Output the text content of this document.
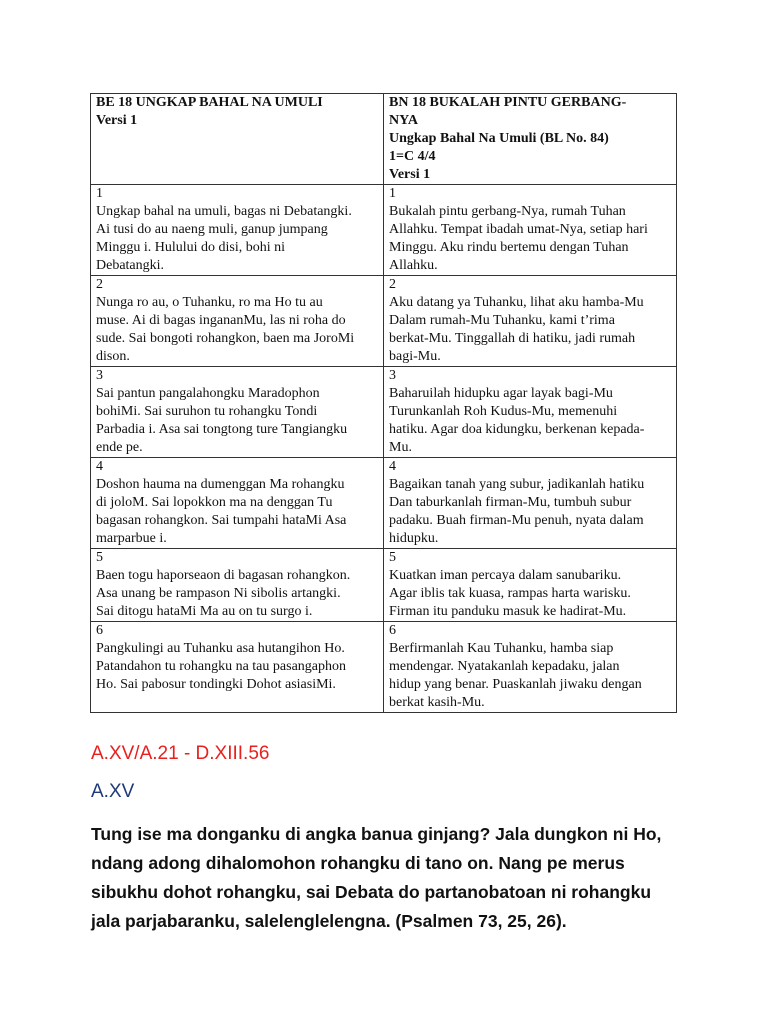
BE 18 UNGKAP BAHAL NA UMULI
Versi 1	BN 18 BUKALAH PINTU GERBANG-
NYA
Ungkap Bahal Na Umuli (BL No. 84)
1=C 4/4
Versi 1

1
Ungkap bahal na umuli, bagas ni Debatangki.
Ai tusi do au naeng muli, ganup jumpang
Minggu i. Hulului do disi, bohi ni
Debatangki.	1
Bukalah pintu gerbang-Nya, rumah Tuhan
Allahku. Tempat ibadah umat-Nya, setiap hari
Minggu. Aku rindu bertemu dengan Tuhan
Allahku.

2
Nunga ro au, o Tuhanku, ro ma Ho tu au
muse. Ai di bagas ingananMu, las ni roha do
sude. Sai bongoti rohangkon, baen ma JoroMi
dison.	2
Aku datang ya Tuhanku, lihat aku hamba-Mu
Dalam rumah-Mu Tuhanku, kami t’rima
berkat-Mu. Tinggallah di hatiku, jadi rumah
bagi-Mu.

3
Sai pantun pangalahongku Maradophon
bohiMi. Sai suruhon tu rohangku Tondi
Parbadia i. Asa sai tongtong ture Tangiangku
ende pe.	3
Baharuilah hidupku agar layak bagi-Mu
Turunkanlah Roh Kudus-Mu, memenuhi
hatiku. Agar doa kidungku, berkenan kepada-
Mu.

4
Doshon hauma na dumenggan Ma rohangku
di joloM. Sai lopokkon ma na denggan Tu
bagasan rohangkon. Sai tumpahi hataMi Asa
marparbue i.	4
Bagaikan tanah yang subur, jadikanlah hatiku
Dan taburkanlah firman-Mu, tumbuh subur
padaku. Buah firman-Mu penuh, nyata dalam
hidupku.

5
Baen togu haporseaon di bagasan rohangkon.
Asa unang be rampason Ni sibolis artangki.
Sai ditogu hataMi Ma au on tu surgo i.	5
Kuatkan iman percaya dalam sanubariku.
Agar iblis tak kuasa, rampas harta warisku.
Firman itu panduku masuk ke hadirat-Mu.

6
Pangkulingi au Tuhanku asa hutangihon Ho.
Patandahon tu rohangku na tau pasangaphon
Ho. Sai pabosur tondingki Dohot asiasiMi.	6
Berfirmanlah Kau Tuhanku, hamba siap
mendengar. Nyatakanlah kepadaku, jalan
hidup yang benar. Puaskanlah jiwaku dengan
berkat kasih-Mu.
A.XV/A.21 - D.XIII.56
A.XV
Tung ise ma donganku di angka banua ginjang? Jala dungkon ni Ho,
ndang adong dihalomohon rohangku di tano on. Nang pe merus
sibukhu dohot rohangku, sai Debata do partanobatoan ni rohangku
jala parjabaranku, salelenglelengna. (Psalmen 73, 25, 26).
